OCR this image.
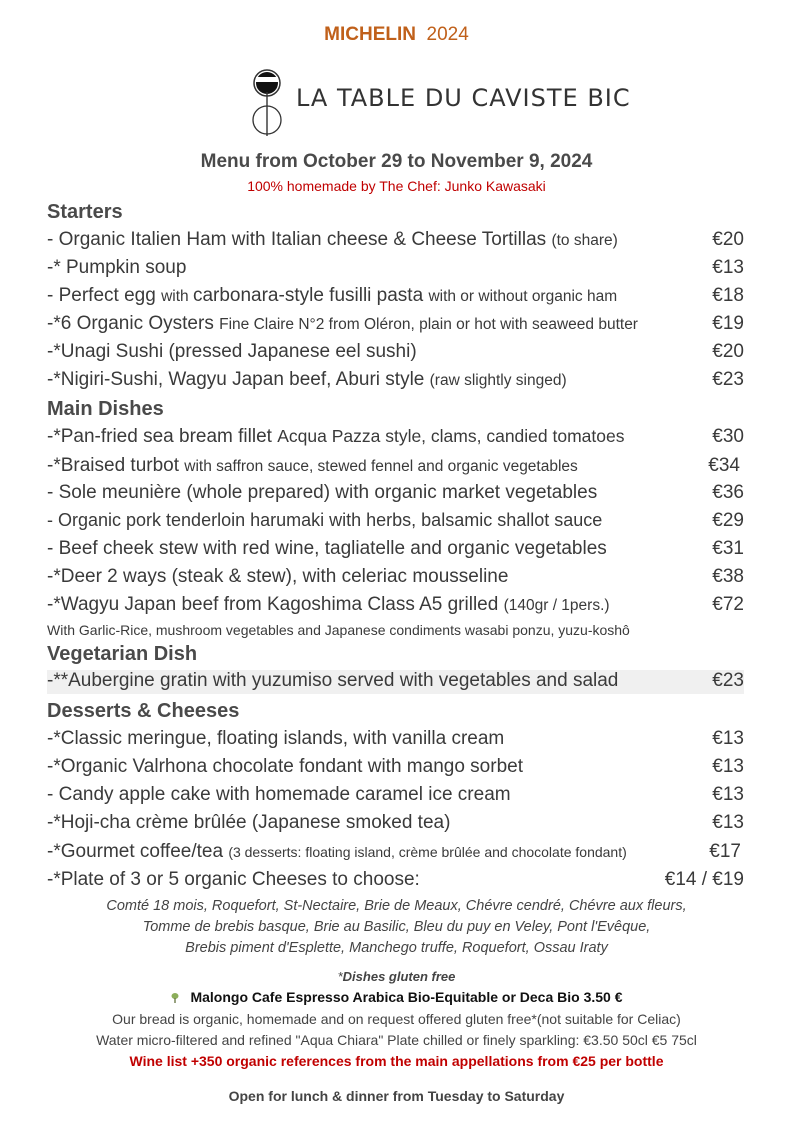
MICHELIN 2024
LA TABLE DU CAVISTE BIC
Menu from October 29 to November 9, 2024
100% homemade by The Chef: Junko Kawasaki
Starters
- Organic Italien Ham with Italian cheese & Cheese Tortillas (to share)	€20
-* Pumpkin soup	€13
- Perfect egg with carbonara-style fusilli pasta with or without organic ham	€18
-*6 Organic Oysters Fine Claire N°2 from Oléron, plain or hot with seaweed butter	€19
-*Unagi Sushi (pressed Japanese eel sushi)	€20
-*Nigiri-Sushi, Wagyu Japan beef, Aburi style (raw slightly singed)	€23
Main Dishes
-*Pan-fried sea bream fillet Acqua Pazza style, clams, candied tomatoes	€30
-*Braised turbot with saffron sauce, stewed fennel and organic vegetables	€34
- Sole meunière (whole prepared) with organic market vegetables	€36
- Organic pork tenderloin harumaki with herbs, balsamic shallot sauce	€29
- Beef cheek stew with red wine, tagliatelle and organic vegetables	€31
-*Deer 2 ways (steak & stew), with celeriac mousseline	€38
-*Wagyu Japan beef from Kagoshima Class A5 grilled (140gr / 1pers.)	€72
With Garlic-Rice, mushroom vegetables and Japanese condiments wasabi ponzu, yuzu-koshô
Vegetarian Dish
-**Aubergine gratin with yuzumiso served with vegetables and salad	€23
Desserts & Cheeses
-*Classic meringue, floating islands, with vanilla cream	€13
-*Organic Valrhona chocolate fondant with mango sorbet	€13
- Candy apple cake with homemade caramel ice cream	€13
-*Hoji-cha crème brûlée (Japanese smoked tea)	€13
-*Gourmet coffee/tea (3 desserts: floating island, crème brûlée and chocolate fondant)	€17
-*Plate of 3 or 5 organic Cheeses to choose:	€14 / €19
Comté 18 mois, Roquefort, St-Nectaire, Brie de Meaux, Chévre cendré, Chévre aux fleurs,
Tomme de brebis basque, Brie au Basilic, Bleu du puy en Veley, Pont l'Evêque,
Brebis piment d'Esplette, Manchego truffe, Roquefort, Ossau Iraty
*Dishes gluten free
Malongo Cafe Espresso Arabica Bio-Equitable or Deca Bio 3.50 €
Our bread is organic, homemade and on request offered gluten free*(not suitable for Celiac)
Water micro-filtered and refined "Aqua Chiara" Plate chilled or finely sparkling: €3.50 50cl €5 75cl
Wine list +350 organic references from the main appellations from €25 per bottle
Open for lunch & dinner from Tuesday to Saturday
